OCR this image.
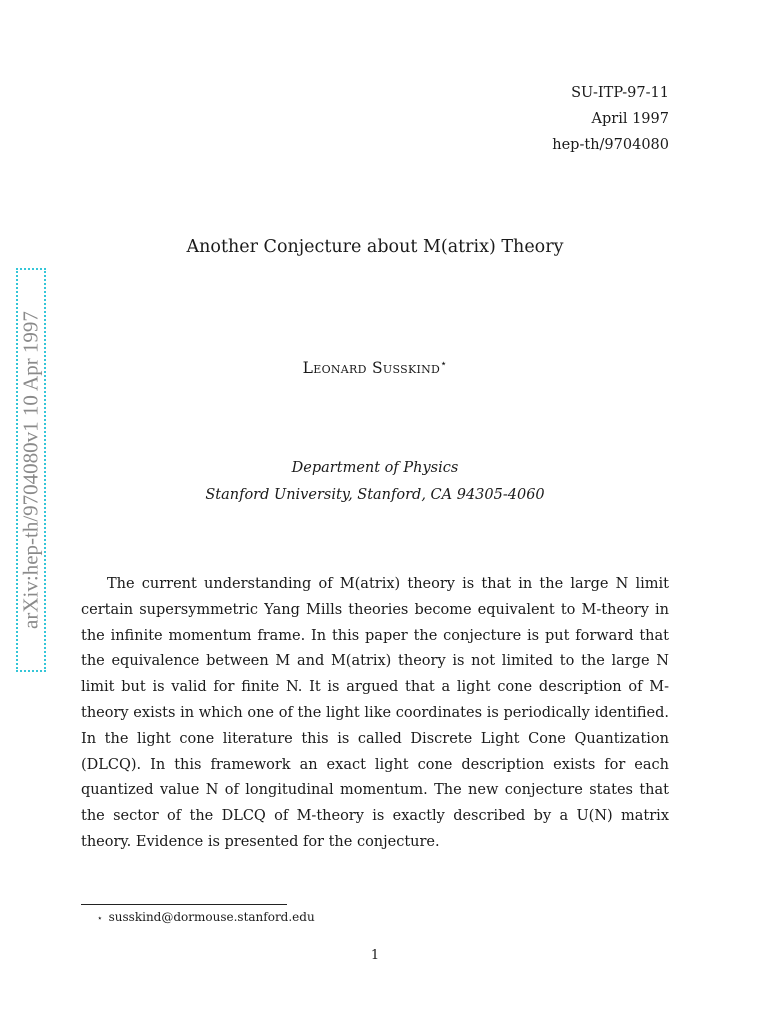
SU-ITP-97-11
April 1997
hep-th/9704080
Another Conjecture about M(atrix) Theory
Leonard Susskind⋆
Department of Physics
Stanford University, Stanford, CA 94305-4060
The current understanding of M(atrix) theory is that in the large N limit certain supersymmetric Yang Mills theories become equivalent to M-theory in the infinite momentum frame. In this paper the conjecture is put forward that the equivalence between M and M(atrix) theory is not limited to the large N limit but is valid for finite N. It is argued that a light cone description of M-theory exists in which one of the light like coordinates is periodically identified. In the light cone literature this is called Discrete Light Cone Quantization (DLCQ). In this framework an exact light cone description exists for each quantized value N of longitudinal momentum. The new conjecture states that the sector of the DLCQ of M-theory is exactly described by a U(N) matrix theory. Evidence is presented for the conjecture.
⋆ susskind@dormouse.stanford.edu
1
arXiv:hep-th/9704080v1 10 Apr 1997
